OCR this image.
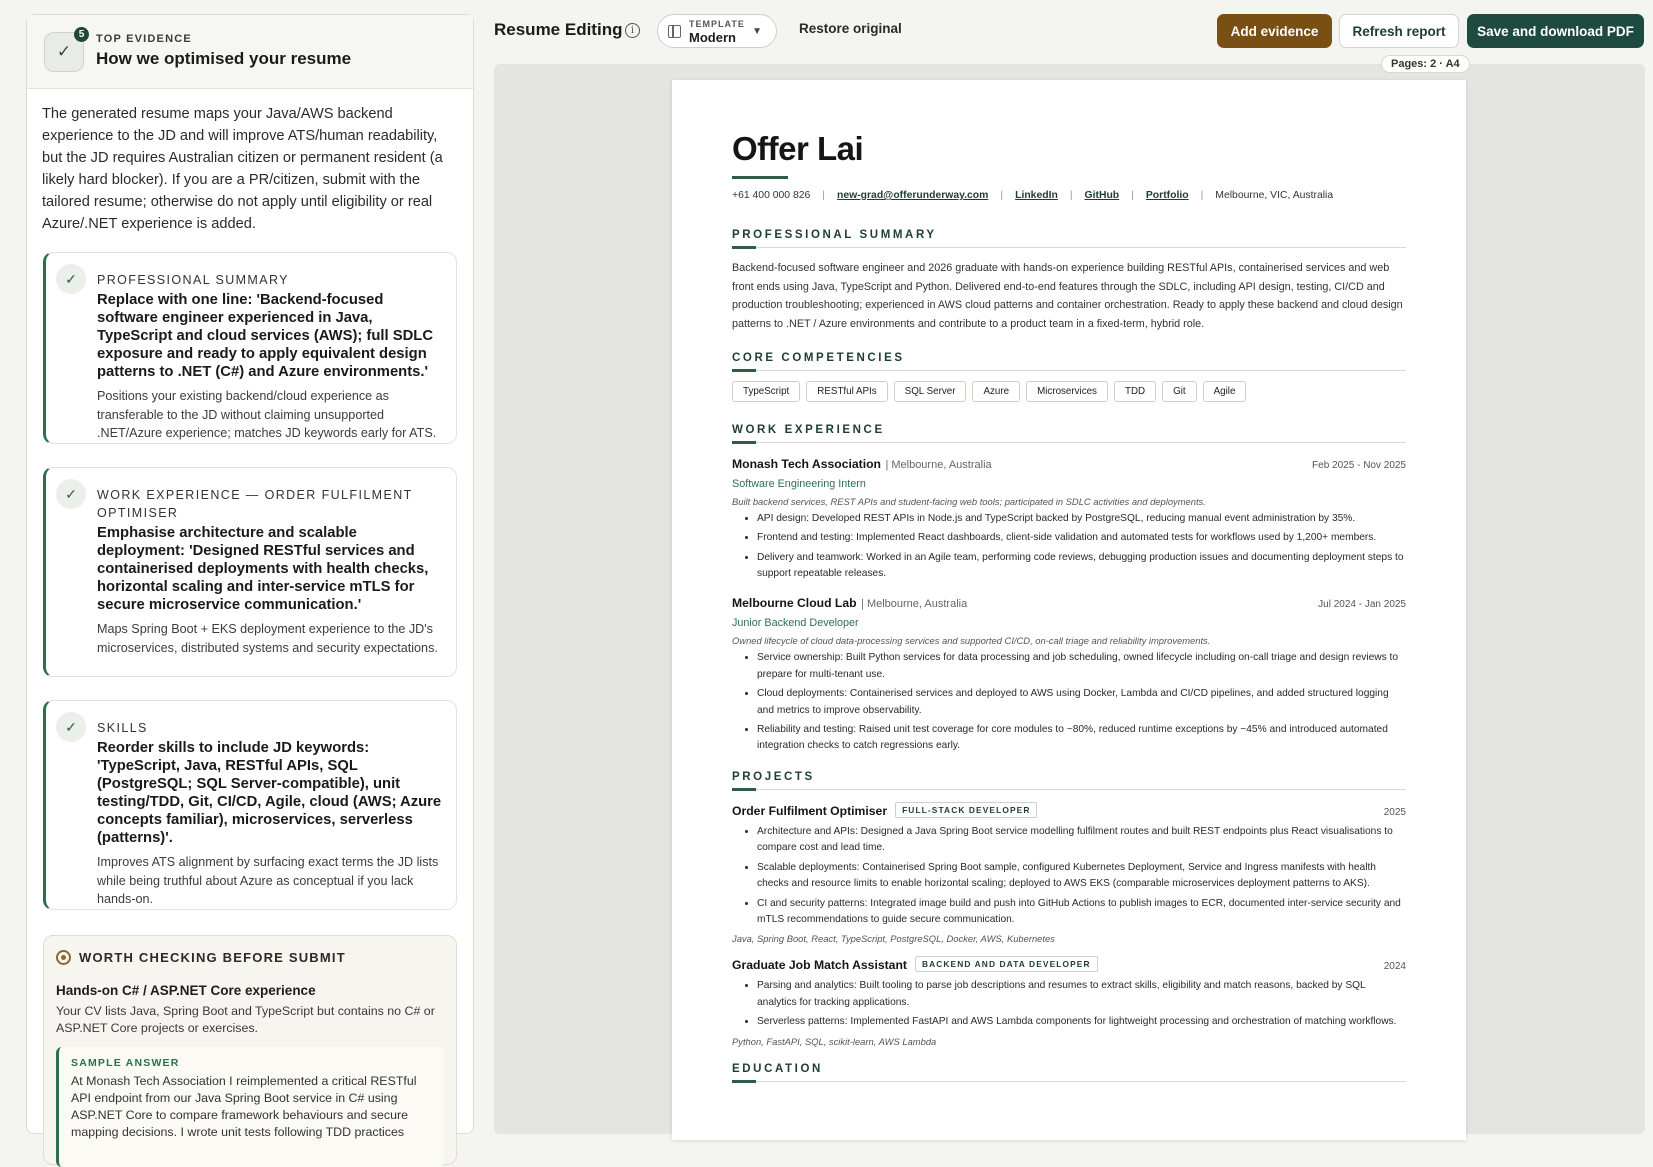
✓
5	TOP EVIDENCE
How we optimised your resume

The generated resume maps your Java/AWS backend experience to the JD and will improve ATS/human readability, but the JD requires Australian citizen or permanent resident (a likely hard blocker). If you are a PR/citizen, submit with the tailored resume; otherwise do not apply until eligibility or real Azure/.NET experience is added.

✓	PROFESSIONAL SUMMARY
Replace with one line: 'Backend-focused software engineer experienced in Java, TypeScript and cloud services (AWS); full SDLC exposure and ready to apply equivalent design patterns to .NET (C#) and Azure environments.'
Positions your existing backend/cloud experience as transferable to the JD without claiming unsupported .NET/Azure experience; matches JD keywords early for ATS.
✓	WORK EXPERIENCE — ORDER FULFILMENT OPTIMISER
Emphasise architecture and scalable deployment: 'Designed RESTful services and containerised deployments with health checks, horizontal scaling and inter-service mTLS for secure microservice communication.'
Maps Spring Boot + EKS deployment experience to the JD's microservices, distributed systems and security expectations.
✓	SKILLS
Reorder skills to include JD keywords: 'TypeScript, Java, RESTful APIs, SQL (PostgreSQL; SQL Server-compatible), unit testing/TDD, Git, CI/CD, Agile, cloud (AWS; Azure concepts familiar), microservices, serverless (patterns)'.
Improves ATS alignment by surfacing exact terms the JD lists while being truthful about Azure as conceptual if you lack hands-on.
WORTH CHECKING BEFORE SUBMIT
Hands-on C# / ASP.NET Core experience
Your CV lists Java, Spring Boot and TypeScript but contains no C# or ASP.NET Core projects or exercises.
SAMPLE ANSWER
At Monash Tech Association I reimplemented a critical RESTful API endpoint from our Java Spring Boot service in C# using ASP.NET Core to compare framework behaviours and secure mapping decisions. I wrote unit tests following TDD practices
Resume Editing i
TEMPLATE
Modern ▼	Restore original	Add evidence	Refresh report	Save and download PDF
Pages: 2 · A4
Offer Lai
+61 400 000 826 | new-grad@offerunderway.com | LinkedIn | GitHub | Portfolio | Melbourne, VIC, Australia
PROFESSIONAL SUMMARY

Backend-focused software engineer and 2026 graduate with hands-on experience building RESTful APIs, containerised services and web front ends using Java, TypeScript and Python. Delivered end-to-end features through the SDLC, including API design, testing, CI/CD and production troubleshooting; experienced in AWS cloud patterns and container orchestration. Ready to apply these backend and cloud design patterns to .NET / Azure environments and contribute to a product team in a fixed-term, hybrid role.

CORE COMPETENCIES
TypeScript	RESTful APIs	SQL Server	Azure	Microservices	TDD	Git	Agile
WORK EXPERIENCE
Monash Tech Association | Melbourne, Australia	Feb 2025 - Nov 2025
Software Engineering Intern
Built backend services, REST APIs and student-facing web tools; participated in SDLC activities and deployments.
• API design: Developed REST APIs in Node.js and TypeScript backed by PostgreSQL, reducing manual event administration by 35%.
• Frontend and testing: Implemented React dashboards, client-side validation and automated tests for workflows used by 1,200+ members.
• Delivery and teamwork: Worked in an Agile team, performing code reviews, debugging production issues and documenting deployment steps to support repeatable releases.
Melbourne Cloud Lab | Melbourne, Australia	Jul 2024 - Jan 2025
Junior Backend Developer
Owned lifecycle of cloud data-processing services and supported CI/CD, on-call triage and reliability improvements.
• Service ownership: Built Python services for data processing and job scheduling, owned lifecycle including on-call triage and design reviews to prepare for multi-tenant use.
• Cloud deployments: Containerised services and deployed to AWS using Docker, Lambda and CI/CD pipelines, and added structured logging and metrics to improve observability.
• Reliability and testing: Raised unit test coverage for core modules to ~80%, reduced runtime exceptions by ~45% and introduced automated integration checks to catch regressions early.
PROJECTS
Order Fulfilment Optimiser FULL-STACK DEVELOPER	2025
• Architecture and APIs: Designed a Java Spring Boot service modelling fulfilment routes and built REST endpoints plus React visualisations to compare cost and lead time.
• Scalable deployments: Containerised Spring Boot sample, configured Kubernetes Deployment, Service and Ingress manifests with health checks and resource limits to enable horizontal scaling; deployed to AWS EKS (comparable microservices deployment patterns to AKS).
• CI and security patterns: Integrated image build and push into GitHub Actions to publish images to ECR, documented inter-service security and mTLS recommendations to guide secure communication.
Java, Spring Boot, React, TypeScript, PostgreSQL, Docker, AWS, Kubernetes
Graduate Job Match Assistant BACKEND AND DATA DEVELOPER	2024
• Parsing and analytics: Built tooling to parse job descriptions and resumes to extract skills, eligibility and match reasons, backed by SQL analytics for tracking applications.
• Serverless patterns: Implemented FastAPI and AWS Lambda components for lightweight processing and orchestration of matching workflows.
Python, FastAPI, SQL, scikit-learn, AWS Lambda
EDUCATION
